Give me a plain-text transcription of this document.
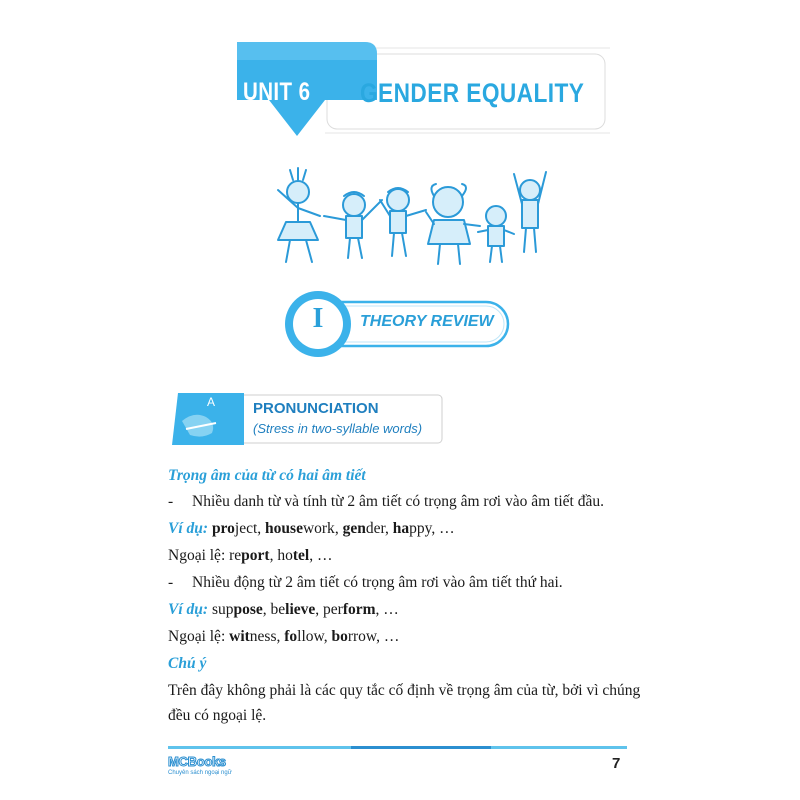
UNIT 6 GENDER EQUALITY
I	THEORY REVIEW
A	PRONUNCIATION
(Stress in two-syllable words)
Trọng âm của từ có hai âm tiết
- Nhiều danh từ và tính từ 2 âm tiết có trọng âm rơi vào âm tiết đầu.
Ví dụ: project, housework, gender, happy, …
Ngoại lệ: report, hotel, …
- Nhiều động từ 2 âm tiết có trọng âm rơi vào âm tiết thứ hai.
Ví dụ: suppose, believe, perform, …
Ngoại lệ: witness, follow, borrow, …
Chú ý
Trên đây không phải là các quy tắc cố định về trọng âm của từ, bởi vì chúng
đều có ngoại lệ.
MCBooks
Chuyên sách ngoại ngữ
7
